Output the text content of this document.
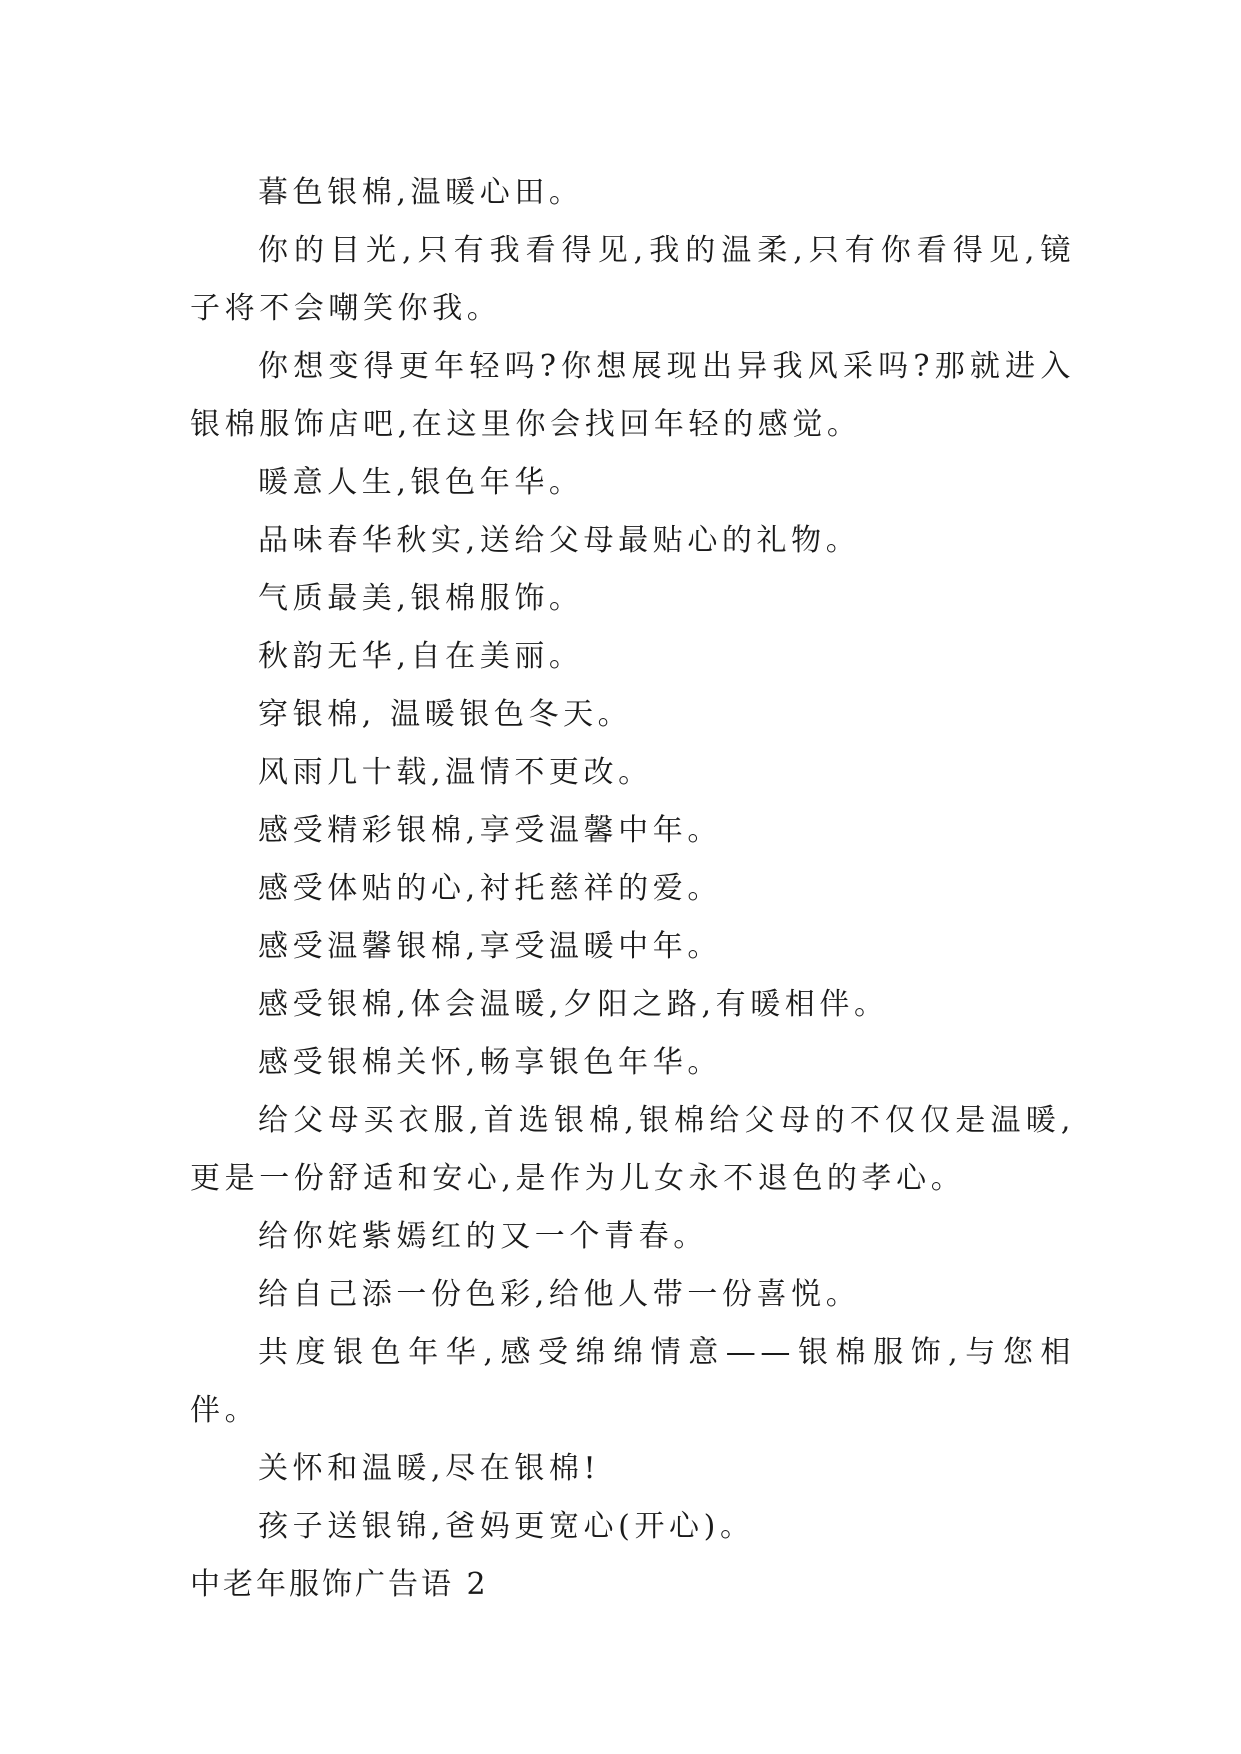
暮色银棉,温暖心田。

你的目光,只有我看得见,我的温柔,只有你看得见,镜子将不会嘲笑你我。

你想变得更年轻吗?你想展现出异我风采吗?那就进入银棉服饰店吧,在这里你会找回年轻的感觉。

暖意人生,银色年华。

品味春华秋实,送给父母最贴心的礼物。

气质最美,银棉服饰。

秋韵无华,自在美丽。

穿银棉, 温暖银色冬天。

风雨几十载,温情不更改。

感受精彩银棉,享受温馨中年。

感受体贴的心,衬托慈祥的爱。

感受温馨银棉,享受温暖中年。

感受银棉,体会温暖,夕阳之路,有暖相伴。

感受银棉关怀,畅享银色年华。

给父母买衣服,首选银棉,银棉给父母的不仅仅是温暖,更是一份舒适和安心,是作为儿女永不退色的孝心。

给你姹紫嫣红的又一个青春。

给自己添一份色彩,给他人带一份喜悦。

共度银色年华,感受绵绵情意——银棉服饰,与您相伴。

关怀和温暖,尽在银棉!

孩子送银锦,爸妈更宽心(开心)。

中老年服饰广告语 2
